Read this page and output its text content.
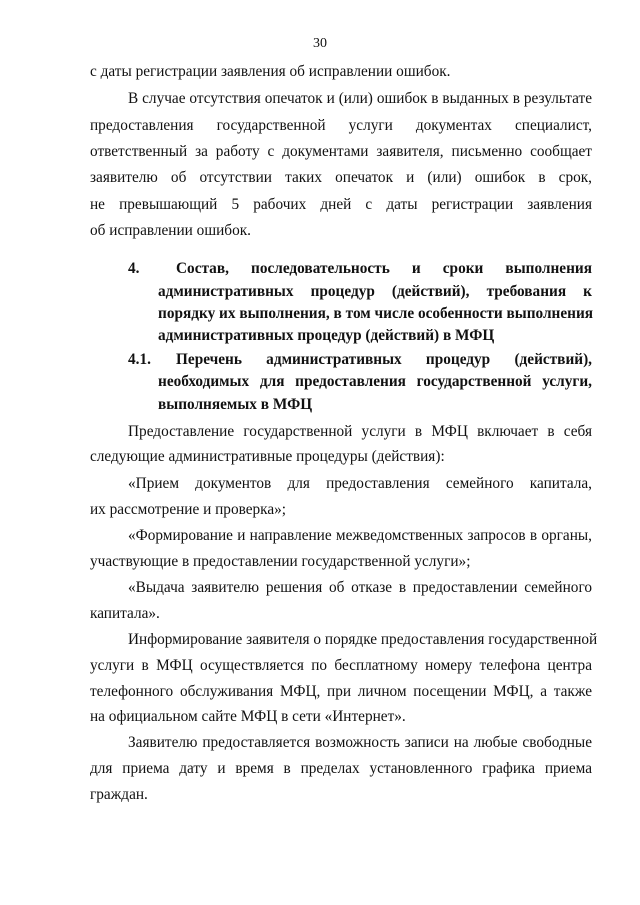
30
с даты регистрации заявления об исправлении ошибок.
В случае отсутствия опечаток и (или) ошибок в выданных в результате
предоставления государственной услуги документах специалист,
ответственный за работу с документами заявителя, письменно сообщает
заявителю об отсутствии таких опечаток и (или) ошибок в срок,
не превышающий 5 рабочих дней с даты регистрации заявления
об исправлении ошибок.
4. Состав, последовательность и сроки выполнения
административных процедур (действий), требования к
порядку их выполнения, в том числе особенности выполнения
административных процедур (действий) в МФЦ
4.1. Перечень административных процедур (действий),
необходимых для предоставления государственной услуги,
выполняемых в МФЦ
Предоставление государственной услуги в МФЦ включает в себя
следующие административные процедуры (действия):
«Прием документов для предоставления семейного капитала,
их рассмотрение и проверка»;
«Формирование и направление межведомственных запросов в органы,
участвующие в предоставлении государственной услуги»;
«Выдача заявителю решения об отказе в предоставлении семейного
капитала».
Информирование заявителя о порядке предоставления государственной
услуги в МФЦ осуществляется по бесплатному номеру телефона центра
телефонного обслуживания МФЦ, при личном посещении МФЦ, а также
на официальном сайте МФЦ в сети «Интернет».
Заявителю предоставляется возможность записи на любые свободные
для приема дату и время в пределах установленного графика приема
граждан.
